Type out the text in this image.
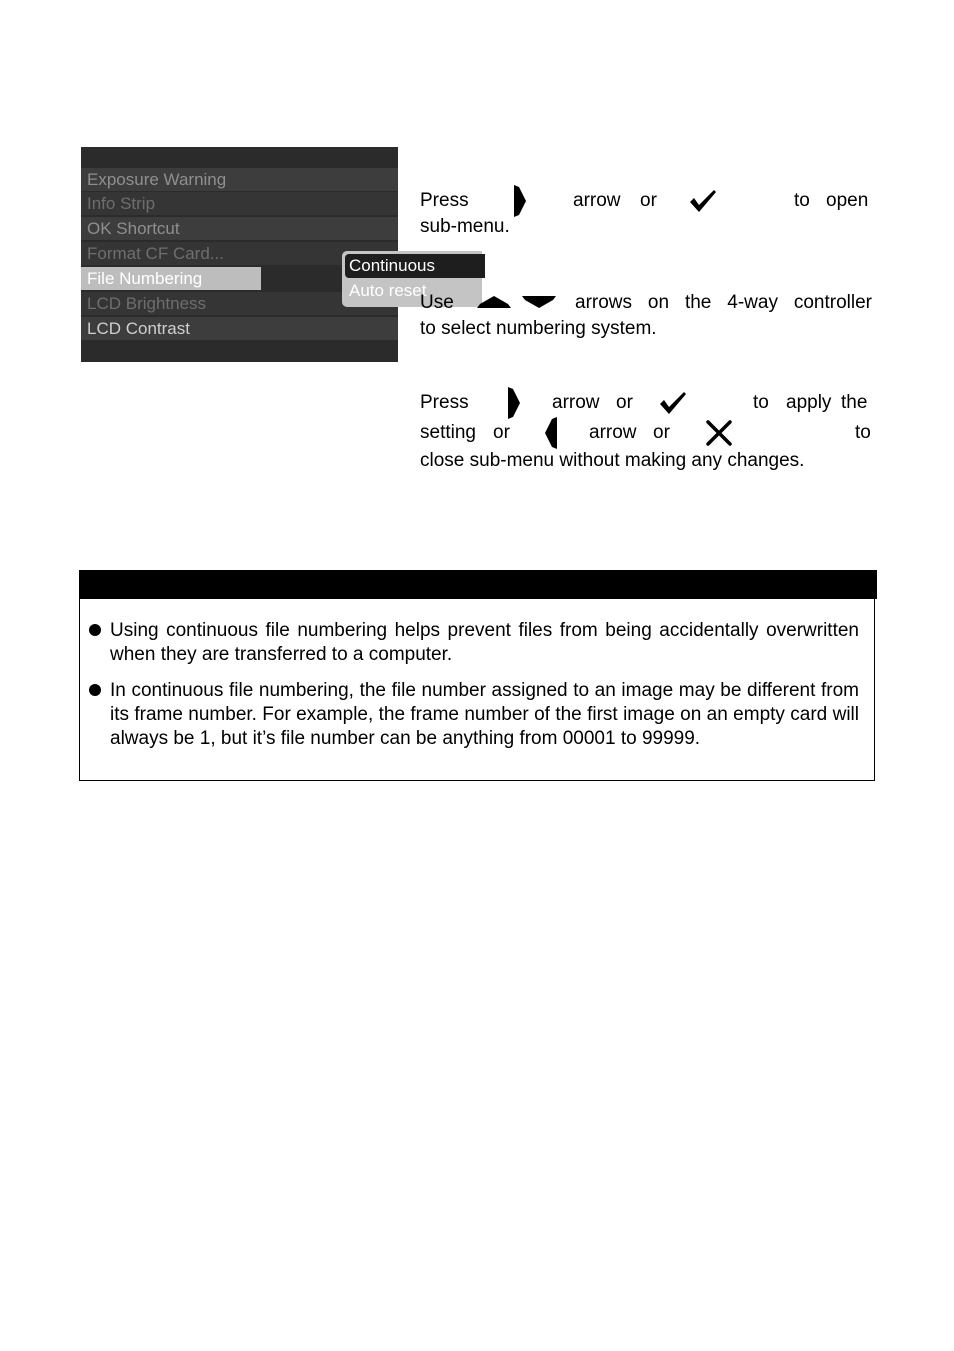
Exposure Warning
Info Strip
OK Shortcut
Format CF Card...
File Numbering
LCD Brightness
LCD Contrast
Continuous
Auto reset
Press	arrow or	to open
sub-menu.
Use	arrows on the 4-way controller
to select numbering system.
Press	arrow or	to apply the
setting or	arrow or	to
close sub-menu without making any changes.
Using continuous file numbering helps prevent files from being accidentally overwritten when they are transferred to a computer.
In continuous file numbering, the file number assigned to an image may be different from its frame number. For example, the frame number of the first image on an empty card will always be 1, but it’s file number can be anything from 00001 to 99999.
